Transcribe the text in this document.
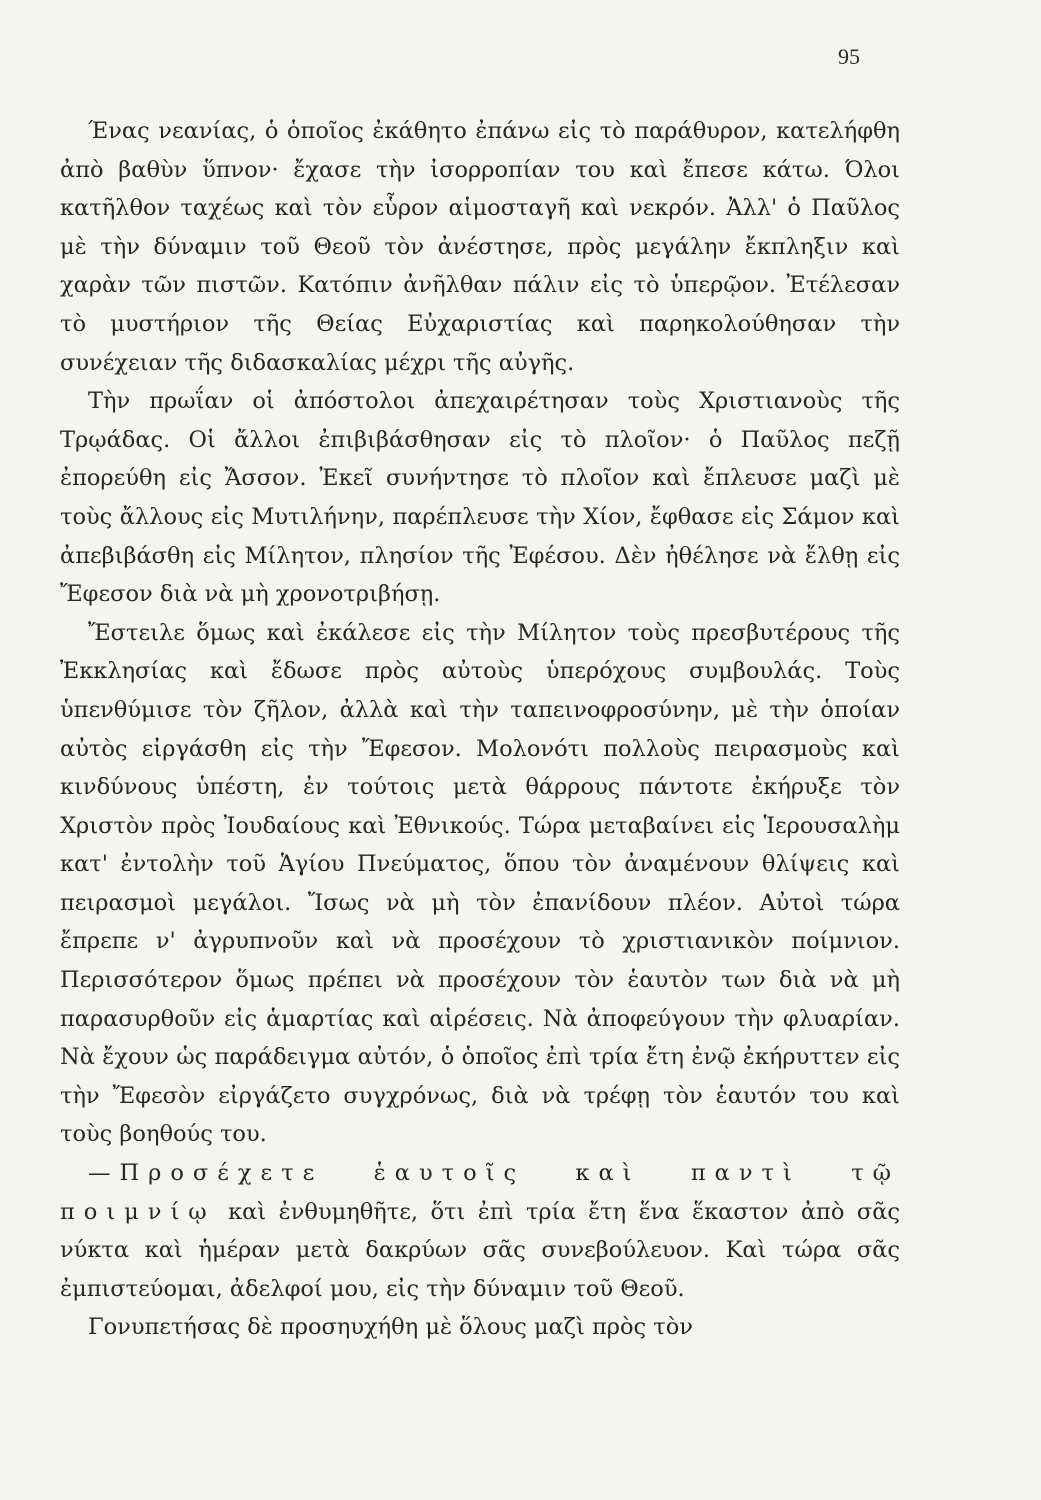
95

Ένας νεανίας, ὁ ὁποῖος ἐκάθητο ἐπάνω εἰς τὸ παράθυρον, κατελήφθη ἀπὸ βαθὺν ὕπνον· ἔχασε τὴν ἰσορροπίαν του καὶ ἔπεσε κάτω. Όλοι κατῆλθον ταχέως καὶ τὸν εὗρον αἱμοσταγῆ καὶ νεκρόν. Ἀλλ' ὁ Παῦλος μὲ τὴν δύναμιν τοῦ Θεοῦ τὸν ἀνέστησε, πρὸς μεγάλην ἔκπληξιν καὶ χαρὰν τῶν πιστῶν. Κατόπιν ἀνῆλθαν πάλιν εἰς τὸ ὑπερῷον. Ἐτέλεσαν τὸ μυστήριον τῆς Θείας Εὐχαριστίας καὶ παρηκολούθησαν τὴν συνέχειαν τῆς διδασκαλίας μέχρι τῆς αὐγῆς.

Τὴν πρωΐαν οἱ ἀπόστολοι ἀπεχαιρέτησαν τοὺς Χριστιανοὺς τῆς Τρῳάδας. Οἱ ἄλλοι ἐπιβιβάσθησαν εἰς τὸ πλοῖον· ὁ Παῦλος πεζῇ ἐπορεύθη εἰς Ἄσσον. Ἐκεῖ συνήντησε τὸ πλοῖον καὶ ἔπλευσε μαζὶ μὲ τοὺς ἄλλους εἰς Μυτιλήνην, παρέπλευσε τὴν Χίον, ἔφθασε εἰς Σάμον καὶ ἀπεβιβάσθη εἰς Μίλητον, πλησίον τῆς Ἐφέσου. Δὲν ἠθέλησε νὰ ἔλθῃ εἰς Ἔφεσον διὰ νὰ μὴ χρονοτριβήσῃ.

Ἔστειλε ὅμως καὶ ἐκάλεσε εἰς τὴν Μίλητον τοὺς πρεσβυτέρους τῆς Ἐκκλησίας καὶ ἔδωσε πρὸς αὐτοὺς ὑπερόχους συμβουλάς. Τοὺς ὑπενθύμισε τὸν ζῆλον, ἀλλὰ καὶ τὴν ταπεινοφροσύνην, μὲ τὴν ὁποίαν αὐτὸς εἰργάσθη εἰς τὴν Ἔφεσον. Μολονότι πολλοὺς πειρασμοὺς καὶ κινδύνους ὑπέστη, ἐν τούτοις μετὰ θάρρους πάντοτε ἐκήρυξε τὸν Χριστὸν πρὸς Ἰουδαίους καὶ Ἐθνικούς. Τώρα μεταβαίνει εἰς Ἱερουσαλὴμ κατ' ἐντολὴν τοῦ Ἁγίου Πνεύματος, ὅπου τὸν ἀναμένουν θλίψεις καὶ πειρασμοὶ μεγάλοι. Ἴσως νὰ μὴ τὸν ἐπανίδουν πλέον. Αὐτοὶ τώρα ἔπρεπε ν' ἀγρυπνοῦν καὶ νὰ προσέχουν τὸ χριστιανικὸν ποίμνιον. Περισσότερον ὅμως πρέπει νὰ προσέχουν τὸν ἑαυτὸν των διὰ νὰ μὴ παρασυρθοῦν εἰς ἁμαρτίας καὶ αἱρέσεις. Νὰ ἀποφεύγουν τὴν φλυαρίαν. Νὰ ἔχουν ὡς παράδειγμα αὐτόν, ὁ ὁποῖος ἐπὶ τρία ἔτη ἐνῷ ἐκήρυττεν εἰς τὴν Ἔφεσὸν εἰργάζετο συγχρόνως, διὰ νὰ τρέφῃ τὸν ἑαυτόν του καὶ τοὺς βοηθούς του.

—Προσέχετε ἑαυτοῖς καὶ παντὶ τῷ ποιμνίῳ καὶ ἐνθυμηθῆτε, ὅτι ἐπὶ τρία ἔτη ἕνα ἕκαστον ἀπὸ σᾶς νύκτα καὶ ἡμέραν μετὰ δακρύων σᾶς συνεβούλευον. Καὶ τώρα σᾶς ἐμπιστεύομαι, ἀδελφοί μου, εἰς τὴν δύναμιν τοῦ Θεοῦ.

Γονυπετήσας δὲ προσηυχήθη μὲ ὅλους μαζὶ πρὸς τὸν
